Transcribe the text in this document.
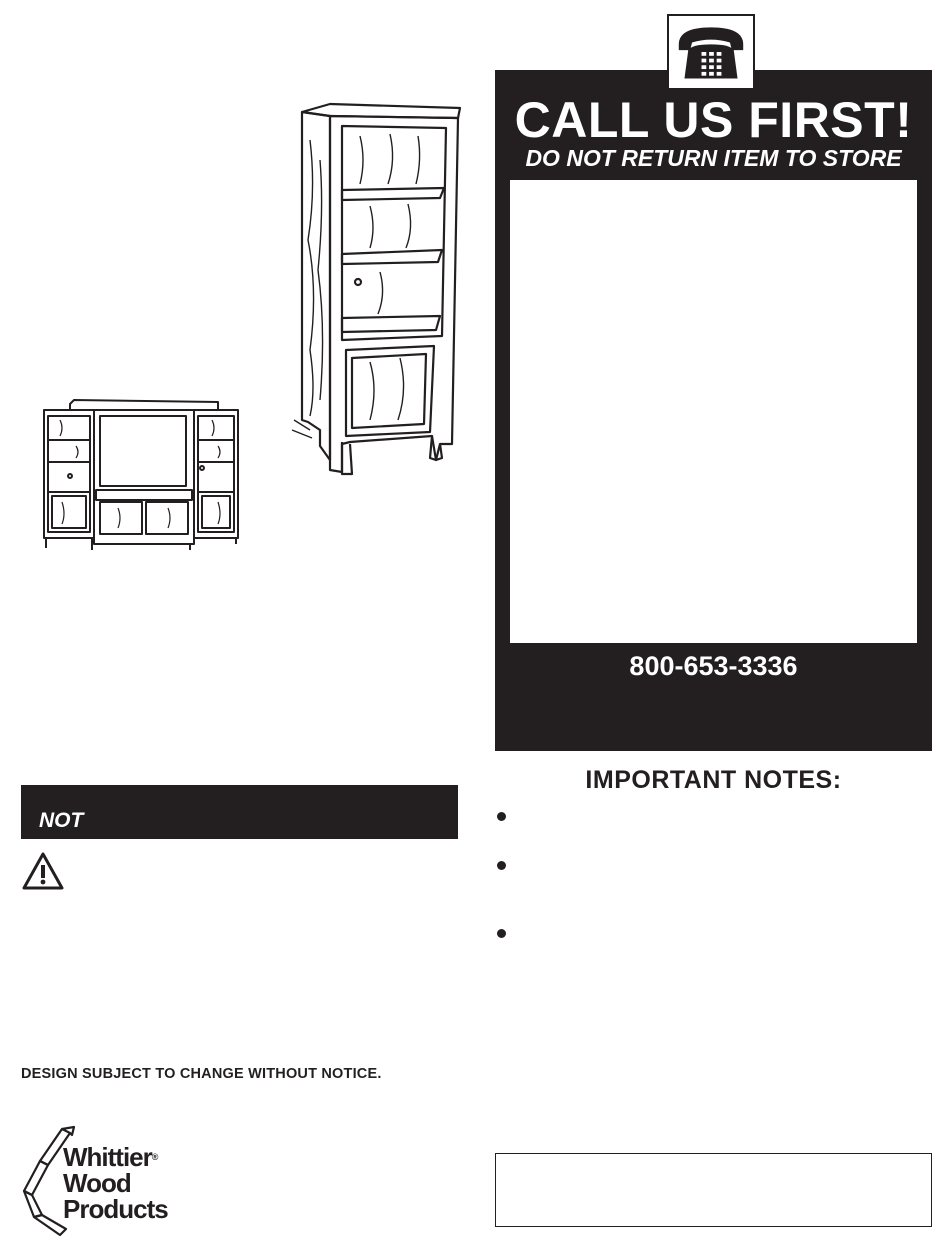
CALL US FIRST!
DO NOT RETURN ITEM TO STORE
800-653-3336
IMPORTANT NOTES:
NOT
DESIGN SUBJECT TO CHANGE WITHOUT NOTICE.
Whittier®
Wood
Products
